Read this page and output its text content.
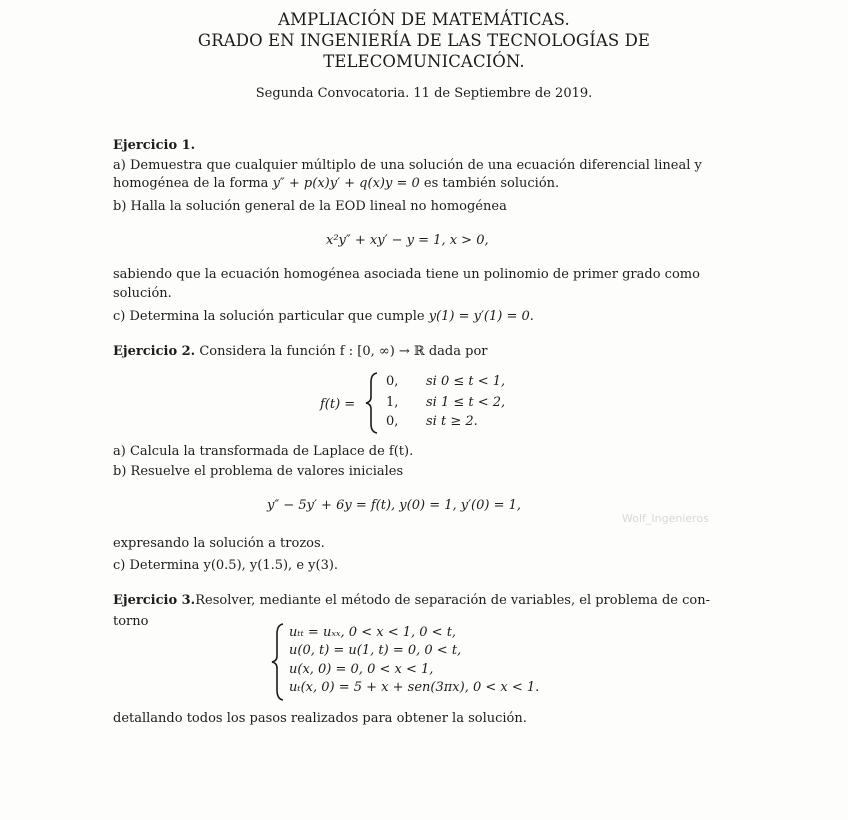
AMPLIACIÓN DE MATEMÁTICAS.
GRADO EN INGENIERÍA DE LAS TECNOLOGÍAS DE
TELECOMUNICACIÓN.
Segunda Convocatoria. 11 de Septiembre de 2019.
Ejercicio 1.
a) Demuestra que cualquier múltiplo de una solución de una ecuación diferencial lineal y
homogénea de la forma y″ + p(x)y′ + q(x)y = 0 es también solución.
b) Halla la solución general de la EOD lineal no homogénea
x²y″ + xy′ − y = 1, x > 0,
sabiendo que la ecuación homogénea asociada tiene un polinomio de primer grado como
solución.
c) Determina la solución particular que cumple y(1) = y′(1) = 0.
Ejercicio 2. Considera la función f : [0, ∞) → ℝ dada por
f(t) =
0, si 0 ≤ t < 1,
1, si 1 ≤ t < 2,
0, si t ≥ 2.
a) Calcula la transformada de Laplace de f(t).
b) Resuelve el problema de valores iniciales
y″ − 5y′ + 6y = f(t), y(0) = 1, y′(0) = 1,
expresando la solución a trozos.
c) Determina y(0.5), y(1.5), e y(3).
Ejercicio 3.Resolver, mediante el método de separación de variables, el problema de con-
torno
uₜₜ = uₓₓ, 0 < x < 1, 0 < t,
u(0, t) = u(1, t) = 0, 0 < t,
u(x, 0) = 0, 0 < x < 1,
uₜ(x, 0) = 5 + x + sen(3πx), 0 < x < 1.
detallando todos los pasos realizados para obtener la solución.
Wolf_Ingenieros
